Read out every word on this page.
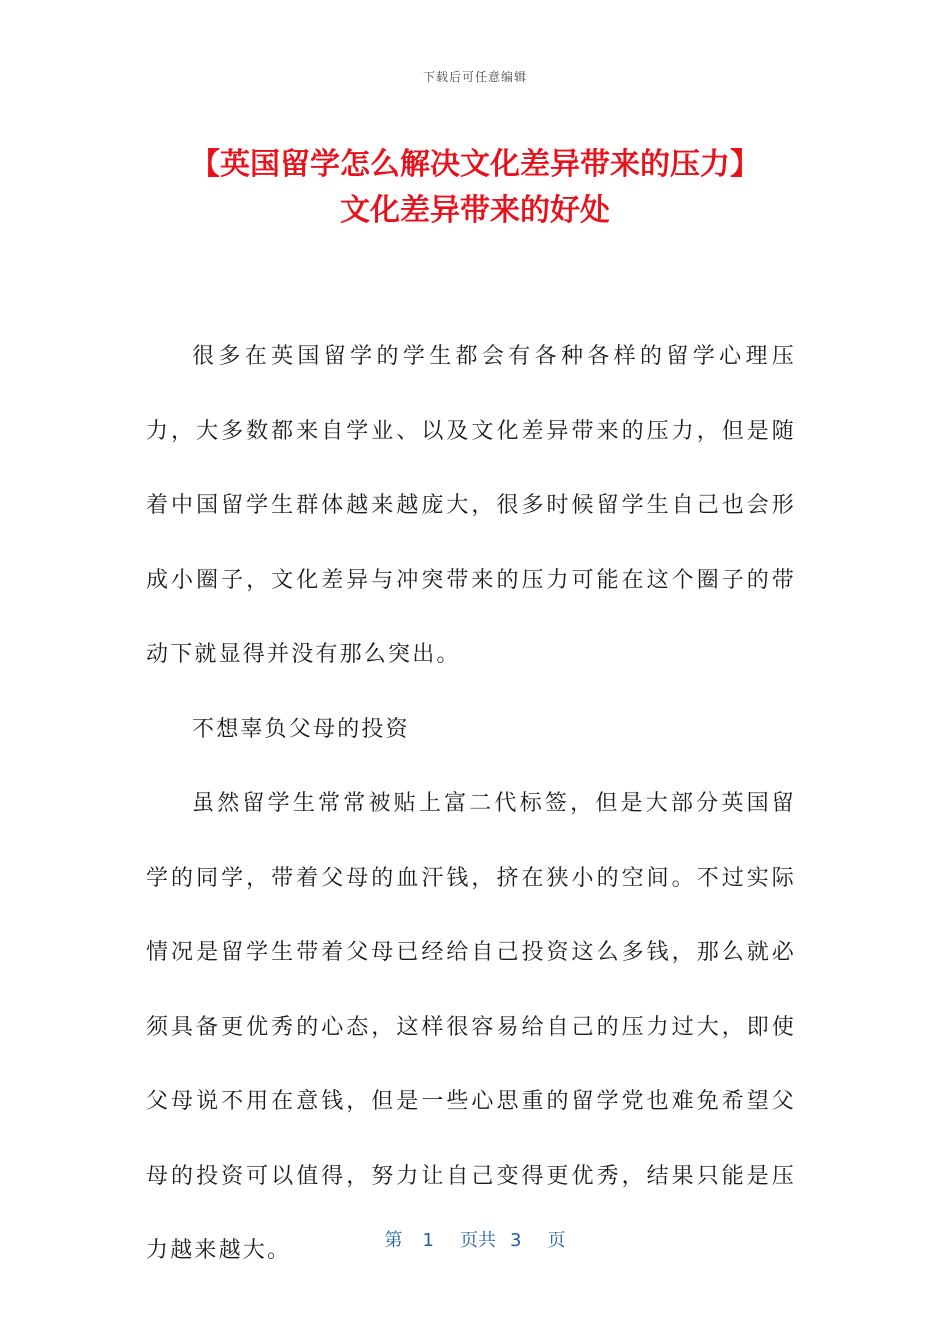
下载后可任意编辑
【英国留学怎么解决文化差异带来的压力】
文化差异带来的好处

很多在英国留学的学生都会有各种各样的留学心理压力，大多数都来自学业、以及文化差异带来的压力，但是随着中国留学生群体越来越庞大，很多时候留学生自己也会形成小圈子，文化差异与冲突带来的压力可能在这个圈子的带动下就显得并没有那么突出。

不想辜负父母的投资

虽然留学生常常被贴上富二代标签，但是大部分英国留学的同学，带着父母的血汗钱，挤在狭小的空间。不过实际情况是留学生带着父母已经给自己投资这么多钱，那么就必须具备更优秀的心态，这样很容易给自己的压力过大，即使父母说不用在意钱，但是一些心思重的留学党也难免希望父母的投资可以值得，努力让自己变得更优秀，结果只能是压力越来越大。	第 1 页共 3 页
